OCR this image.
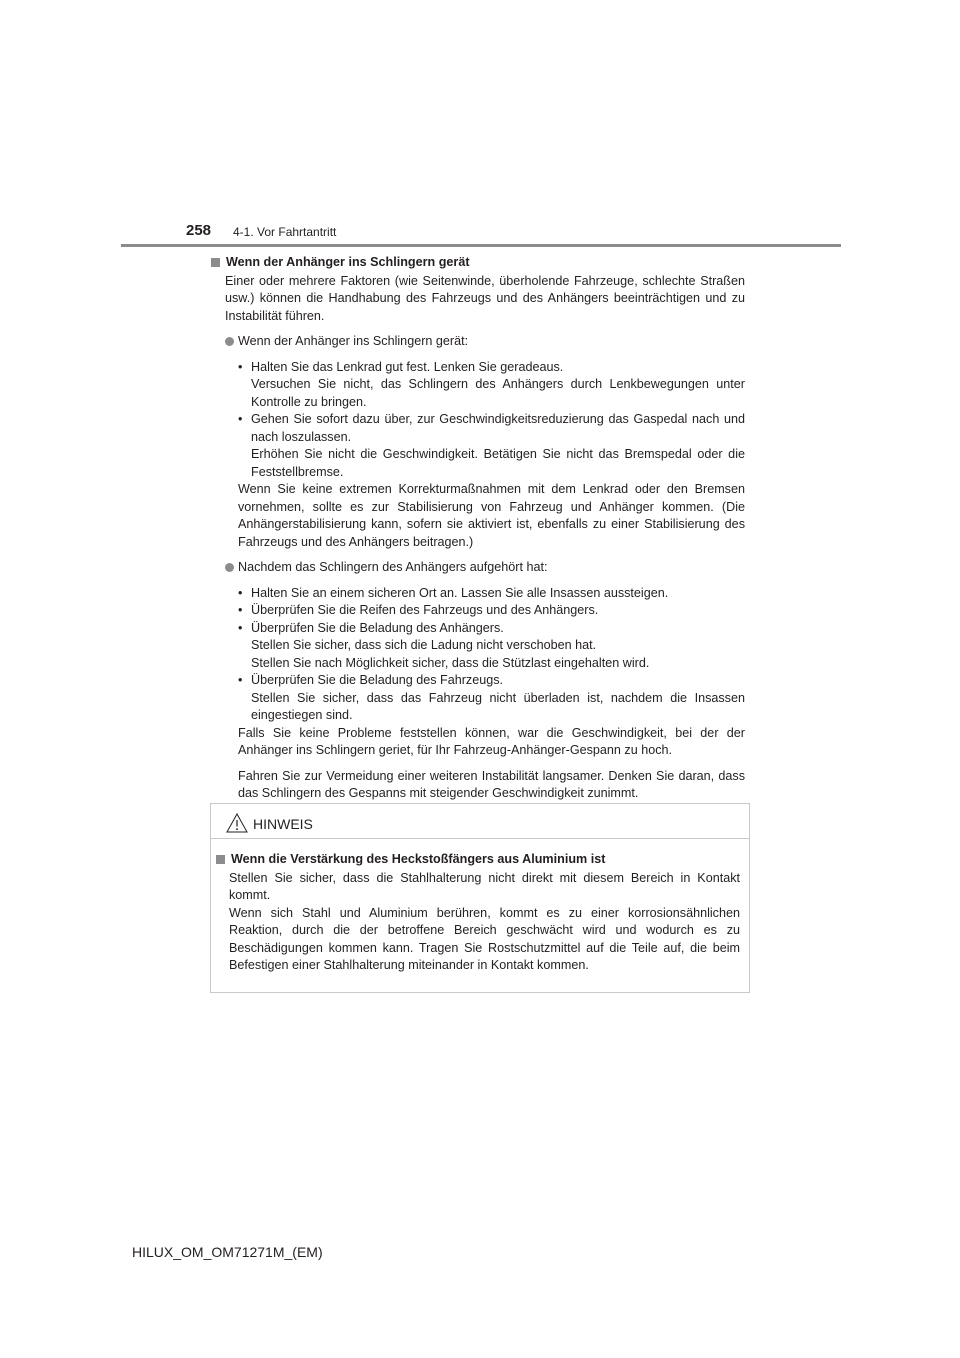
258 4-1. Vor Fahrtantritt
Wenn der Anhänger ins Schlingern gerät
Einer oder mehrere Faktoren (wie Seitenwinde, überholende Fahrzeuge, schlechte Straßen usw.) können die Handhabung des Fahrzeugs und des Anhängers beeinträchtigen und zu Instabilität führen.
Wenn der Anhänger ins Schlingern gerät:
• Halten Sie das Lenkrad gut fest. Lenken Sie geradeaus.
Versuchen Sie nicht, das Schlingern des Anhängers durch Lenkbewegungen unter Kontrolle zu bringen.
• Gehen Sie sofort dazu über, zur Geschwindigkeitsreduzierung das Gaspedal nach und nach loszulassen.
Erhöhen Sie nicht die Geschwindigkeit. Betätigen Sie nicht das Bremspedal oder die Feststellbremse.
Wenn Sie keine extremen Korrekturmaßnahmen mit dem Lenkrad oder den Bremsen vornehmen, sollte es zur Stabilisierung von Fahrzeug und Anhänger kommen. (Die Anhängerstabilisierung kann, sofern sie aktiviert ist, ebenfalls zu einer Stabilisierung des Fahrzeugs und des Anhängers beitragen.)
Nachdem das Schlingern des Anhängers aufgehört hat:
• Halten Sie an einem sicheren Ort an. Lassen Sie alle Insassen aussteigen.
• Überprüfen Sie die Reifen des Fahrzeugs und des Anhängers.
• Überprüfen Sie die Beladung des Anhängers.
Stellen Sie sicher, dass sich die Ladung nicht verschoben hat.
Stellen Sie nach Möglichkeit sicher, dass die Stützlast eingehalten wird.
• Überprüfen Sie die Beladung des Fahrzeugs.
Stellen Sie sicher, dass das Fahrzeug nicht überladen ist, nachdem die Insassen eingestiegen sind.
Falls Sie keine Probleme feststellen können, war die Geschwindigkeit, bei der der Anhänger ins Schlingern geriet, für Ihr Fahrzeug-Anhänger-Gespann zu hoch.
Fahren Sie zur Vermeidung einer weiteren Instabilität langsamer. Denken Sie daran, dass das Schlingern des Gespanns mit steigender Geschwindigkeit zunimmt.
HINWEIS
Wenn die Verstärkung des Heckstoßfängers aus Aluminium ist
Stellen Sie sicher, dass die Stahlhalterung nicht direkt mit diesem Bereich in Kontakt kommt.
Wenn sich Stahl und Aluminium berühren, kommt es zu einer korrosionsähnlichen Reaktion, durch die der betroffene Bereich geschwächt wird und wodurch es zu Beschädigungen kommen kann. Tragen Sie Rostschutzmittel auf die Teile auf, die beim Befestigen einer Stahlhalterung miteinander in Kontakt kommen.
HILUX_OM_OM71271M_(EM)
